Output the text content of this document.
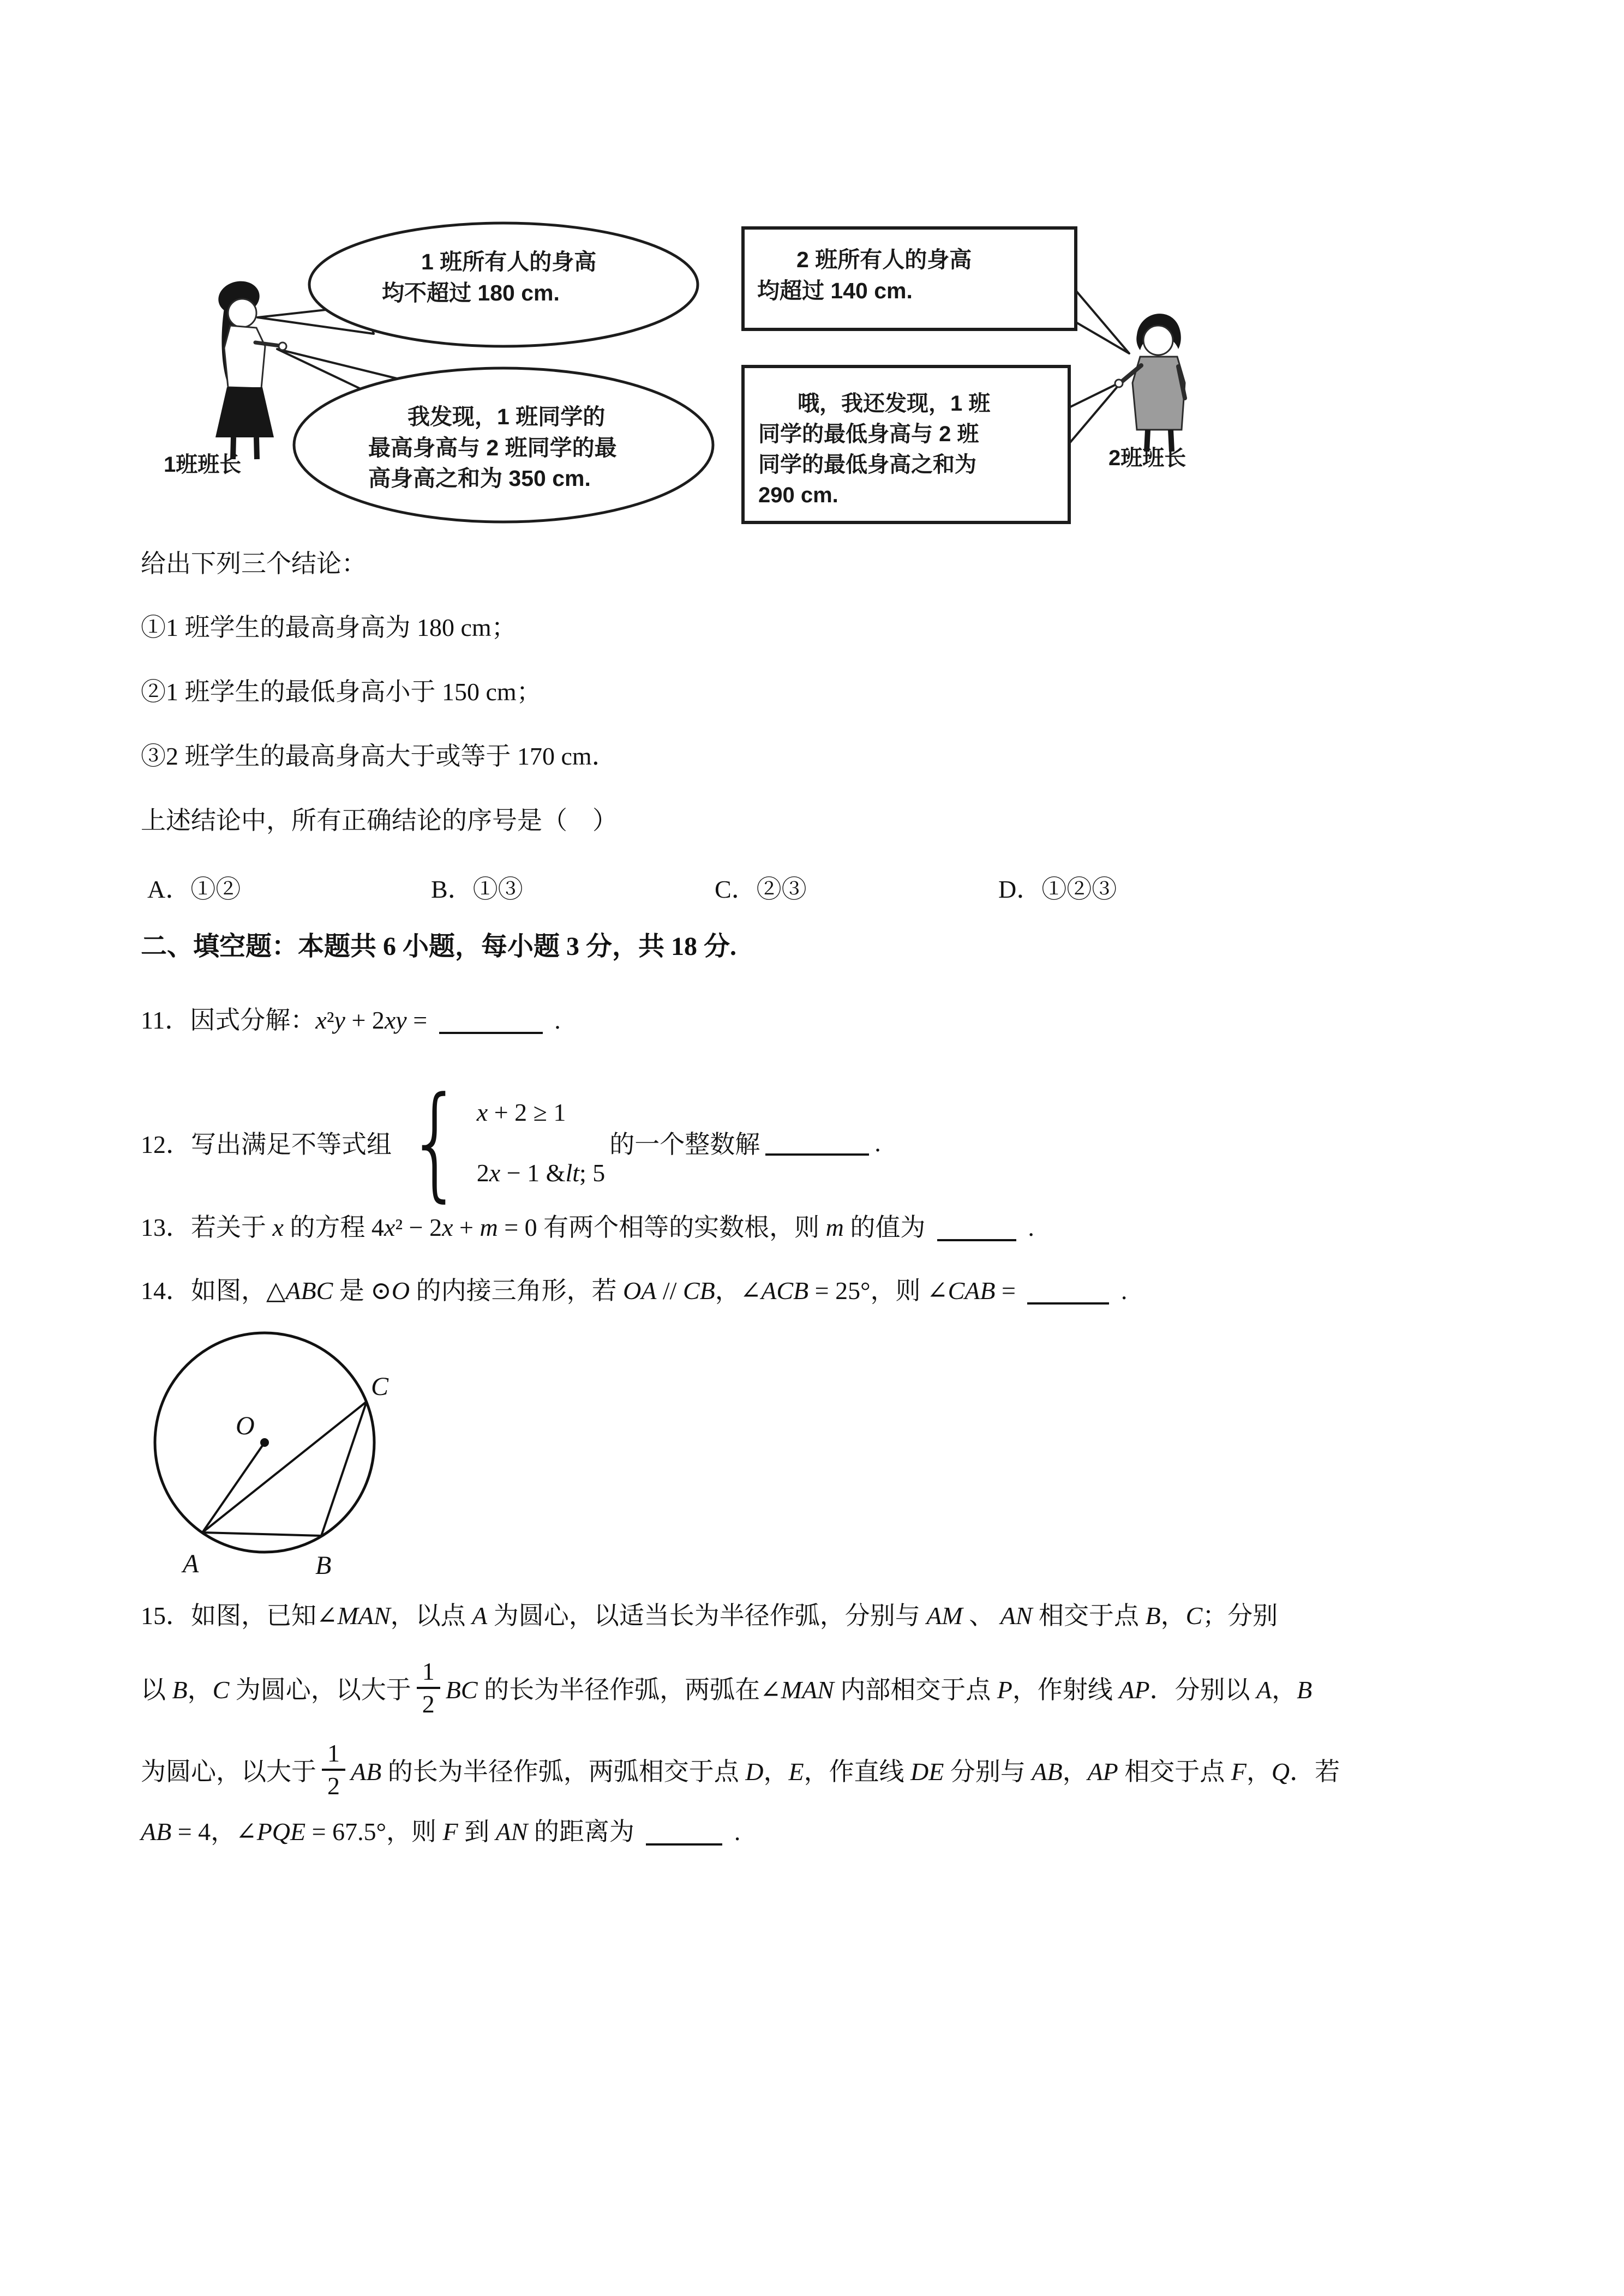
1 班所有人的身高
均不超过 180 cm.
我发现，1 班同学的
最高身高与 2 班同学的最
高身高之和为 350 cm.
2 班所有人的身高
均超过 140 cm.
哦，我还发现，1 班
同学的最低身高与 2 班
同学的最低身高之和为
290 cm.
1班班长	2班班长
给出下列三个结论：
①1 班学生的最高身高为 180 cm；
②1 班学生的最低身高小于 150 cm；
③2 班学生的最高身高大于或等于 170 cm．
上述结论中，所有正确结论的序号是（　）
A．①②	B．①③	C．②③	D．①②③
二、填空题：本题共 6 小题，每小题 3 分，共 18 分.
11．因式分解：x²y + 2xy =	.
12．写出满足不等式组 { x + 2 ≥ 1
2x − 1 &lt; 5
的一个整数解	.
13．若关于 x 的方程 4x² − 2x + m = 0 有两个相等的实数根，则 m 的值为	.
14．如图，△ABC 是 ⊙O 的内接三角形，若 OA // CB，∠ACB = 25°，则 ∠CAB =	.
O
A	B
C
15．如图，已知∠MAN，以点 A 为圆心，以适当长为半径作弧，分别与 AM 、 AN 相交于点 B，C；分别
以 B，C 为圆心，以大于 $\frac{1}{2}$ BC 的长为半径作弧，两弧在∠MAN 内部相交于点 P，作射线 AP．分别以 A，B
为圆心，以大于 $\frac{1}{2}$ AB 的长为半径作弧，两弧相交于点 D，E，作直线 DE 分别与 AB，AP 相交于点 F，Q．若
AB = 4，∠PQE = 67.5°，则 F 到 AN 的距离为	.
